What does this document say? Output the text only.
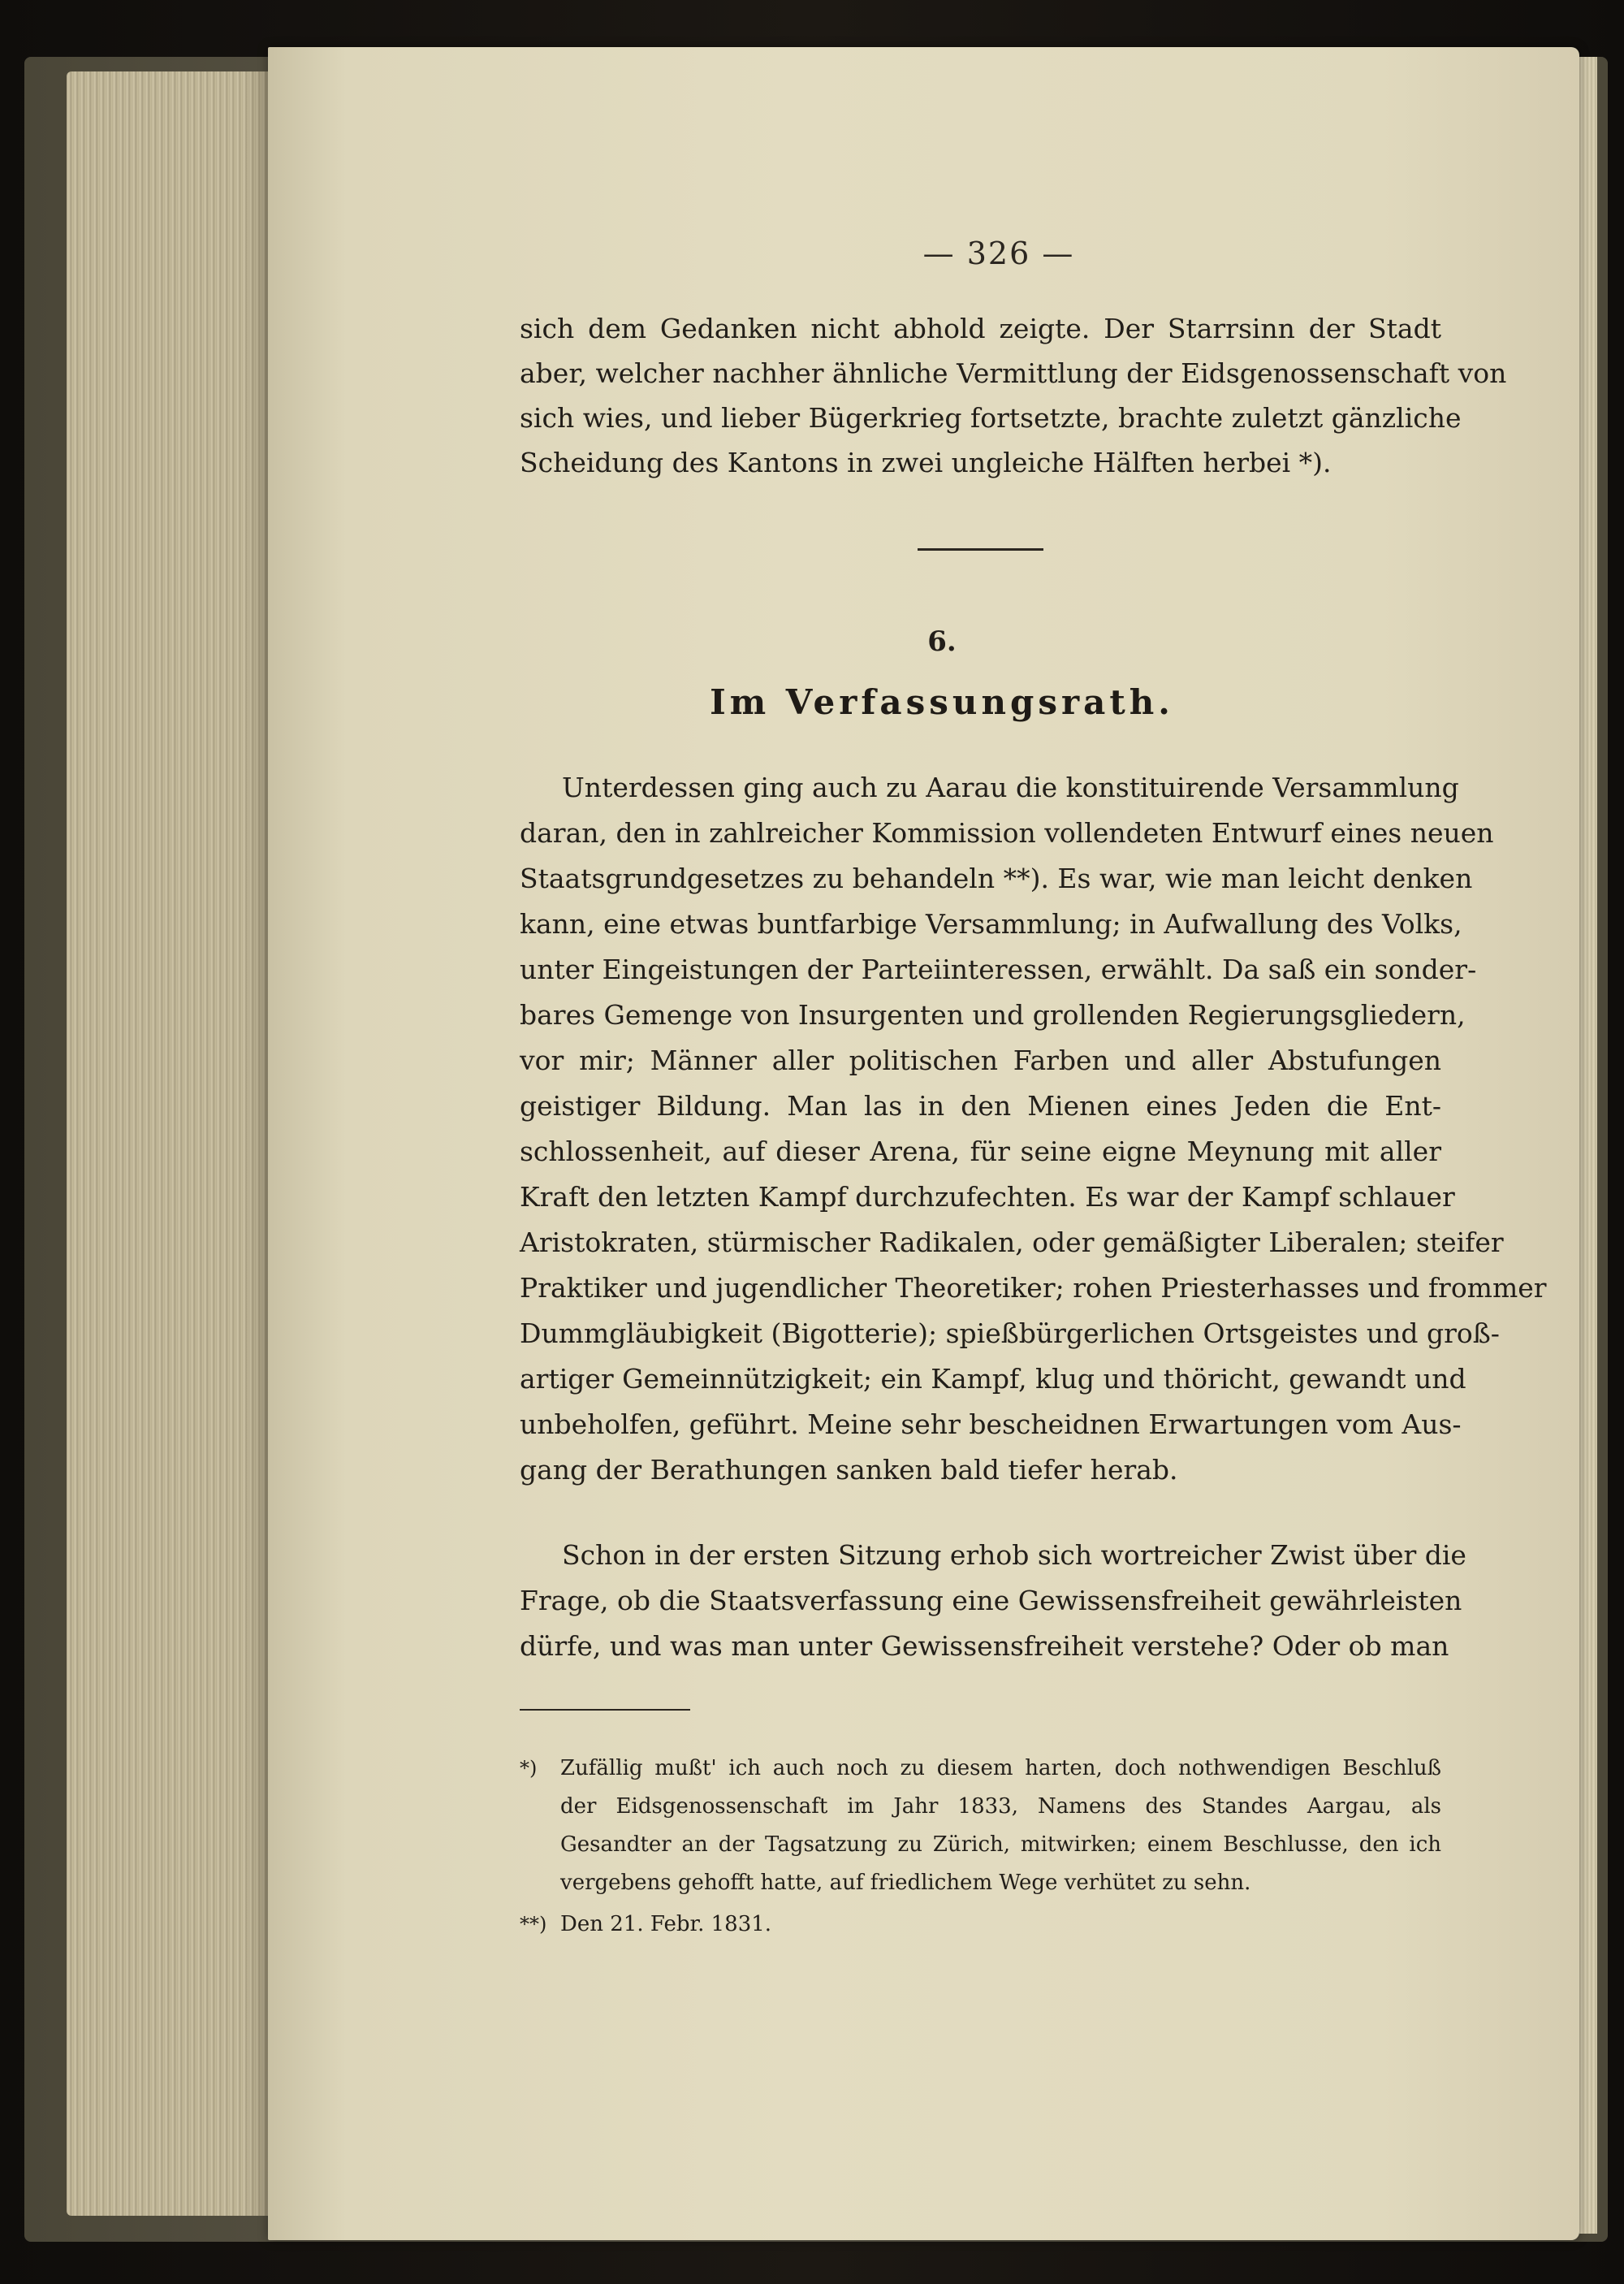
— 326 —
sich dem Gedanken nicht abhold zeigte. Der Starrsinn der Stadt
aber, welcher nachher ähnliche Vermittlung der Eidsgenossenschaft von
sich wies, und lieber Bügerkrieg fortsetzte, brachte zuletzt gänzliche
Scheidung des Kantons in zwei ungleiche Hälften herbei *).
6.
Im Verfassungsrath.
Unterdessen ging auch zu Aarau die konstituirende Versammlung
daran, den in zahlreicher Kommission vollendeten Entwurf eines neuen
Staatsgrundgesetzes zu behandeln **). Es war, wie man leicht denken
kann, eine etwas buntfarbige Versammlung; in Aufwallung des Volks,
unter Eingeistungen der Parteiinteressen, erwählt. Da saß ein sonder-
bares Gemenge von Insurgenten und grollenden Regierungsgliedern,
vor mir; Männer aller politischen Farben und aller Abstufungen
geistiger Bildung. Man las in den Mienen eines Jeden die Ent-
schlossenheit, auf dieser Arena, für seine eigne Meynung mit aller
Kraft den letzten Kampf durchzufechten. Es war der Kampf schlauer
Aristokraten, stürmischer Radikalen, oder gemäßigter Liberalen; steifer
Praktiker und jugendlicher Theoretiker; rohen Priesterhasses und frommer
Dummgläubigkeit (Bigotterie); spießbürgerlichen Ortsgeistes und groß-
artiger Gemeinnützigkeit; ein Kampf, klug und thöricht, gewandt und
unbeholfen, geführt. Meine sehr bescheidnen Erwartungen vom Aus-
gang der Berathungen sanken bald tiefer herab.
Schon in der ersten Sitzung erhob sich wortreicher Zwist über die
Frage, ob die Staatsverfassung eine Gewissensfreiheit gewährleisten
dürfe, und was man unter Gewissensfreiheit verstehe? Oder ob man
*) Zufällig mußt' ich auch noch zu diesem harten, doch nothwendigen Beschluß
der Eidsgenossenschaft im Jahr 1833, Namens des Standes Aargau, als
Gesandter an der Tagsatzung zu Zürich, mitwirken; einem Beschlusse, den ich
vergebens gehofft hatte, auf friedlichem Wege verhütet zu sehn.
**) Den 21. Febr. 1831.
